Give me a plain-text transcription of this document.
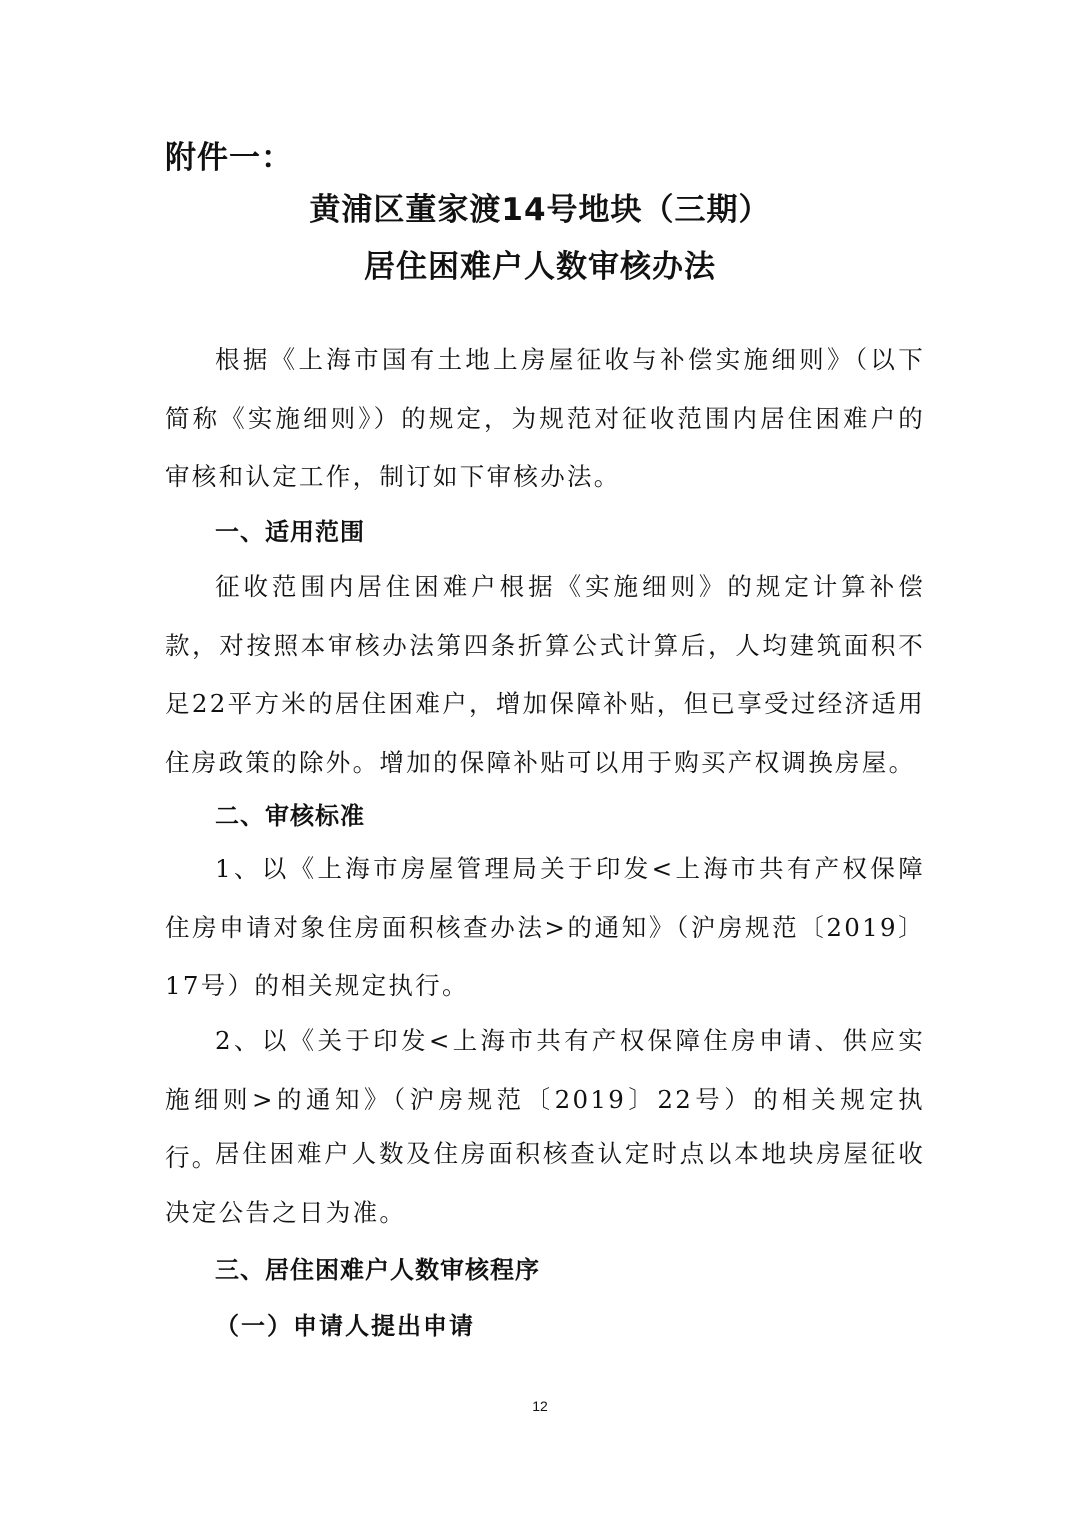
附件一：
黄浦区董家渡14号地块（三期）
居住困难户人数审核办法

根据《上海市国有土地上房屋征收与补偿实施细则》（以下简称《实施细则》）的规定，为规范对征收范围内居住困难户的审核和认定工作，制订如下审核办法。

一、适用范围

征收范围内居住困难户根据《实施细则》的规定计算补偿款，对按照本审核办法第四条折算公式计算后，人均建筑面积不足22平方米的居住困难户，增加保障补贴，但已享受过经济适用住房政策的除外。增加的保障补贴可以用于购买产权调换房屋。

二、审核标准

1、以《上海市房屋管理局关于印发<上海市共有产权保障住房申请对象住房面积核查办法>的通知》（沪房规范〔2019〕17号）的相关规定执行。

2、以《关于印发<上海市共有产权保障住房申请、供应实施细则>的通知》（沪房规范〔2019〕22号）的相关规定执行。

居住困难户人数及住房面积核查认定时点以本地块房屋征收决定公告之日为准。

三、居住困难户人数审核程序

（一）申请人提出申请

12
